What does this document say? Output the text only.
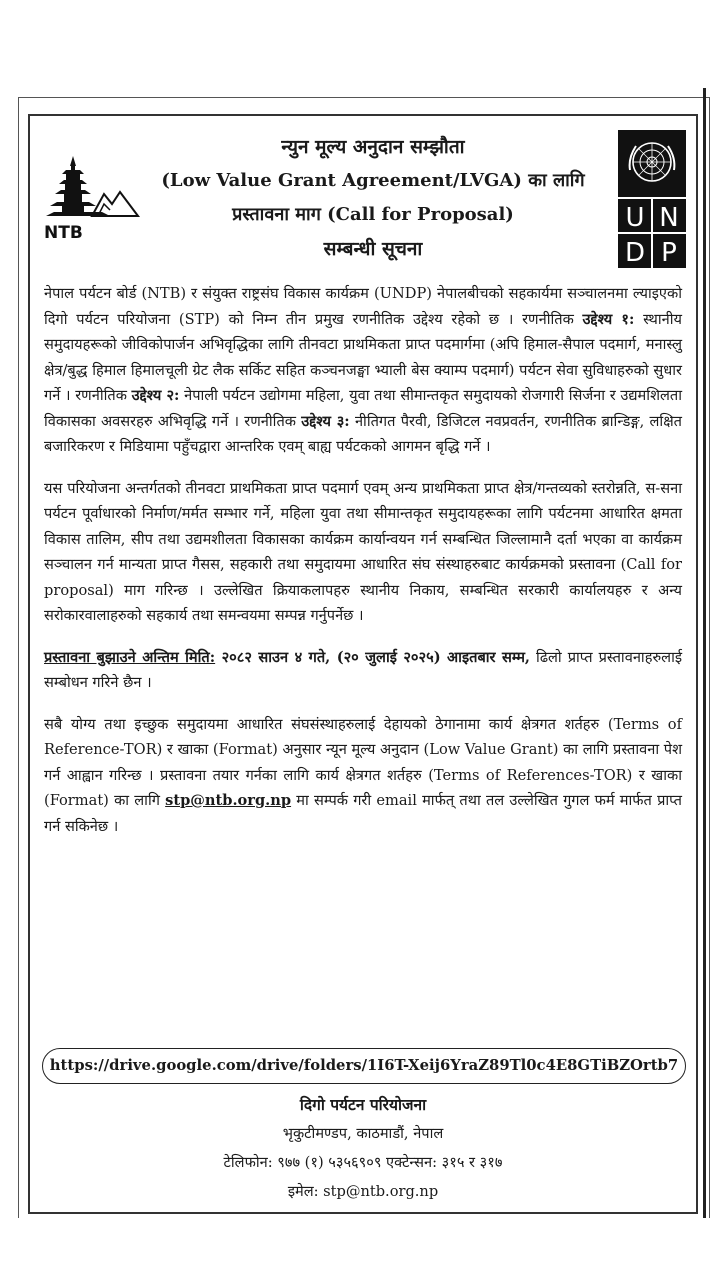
NTB
न्युन मूल्य अनुदान सम्झौता
(Low Value Grant Agreement/LVGA) का लागि
प्रस्तावना माग (Call for Proposal)
सम्बन्धी सूचना
U N
D P

नेपाल पर्यटन बोर्ड (NTB) र संयुक्त राष्ट्रसंघ विकास कार्यक्रम (UNDP) नेपालबीचको सहकार्यमा सञ्चालनमा ल्याइएको दिगो पर्यटन परियोजना (STP) को निम्न तीन प्रमुख रणनीतिक उद्देश्य रहेको छ । रणनीतिक उद्देश्य १: स्थानीय समुदायहरूको जीविकोपार्जन अभिवृद्धिका लागि तीनवटा प्राथमिकता प्राप्त पदमार्गमा (अपि हिमाल-सैपाल पदमार्ग, मनास्लु क्षेत्र/बुद्ध हिमाल हिमालचूली ग्रेट लैक सर्किट सहित कञ्चनजङ्घा भ्याली बेस क्याम्प पदमार्ग) पर्यटन सेवा सुविधाहरुको सुधार गर्ने । रणनीतिक उद्देश्य २: नेपाली पर्यटन उद्योगमा महिला, युवा तथा सीमान्तकृत समुदायको रोजगारी सिर्जना र उद्यमशिलता विकासका अवसरहरु अभिवृद्धि गर्ने । रणनीतिक उद्देश्य ३: नीतिगत पैरवी, डिजिटल नवप्रवर्तन, रणनीतिक ब्रान्डिङ्ग, लक्षित बजारिकरण र मिडियामा पहुँचद्वारा आन्तरिक एवम् बाह्य पर्यटकको आगमन बृद्धि गर्ने ।

यस परियोजना अन्तर्गतको तीनवटा प्राथमिकता प्राप्त पदमार्ग एवम् अन्य प्राथमिकता प्राप्त क्षेत्र/गन्तव्यको स्तरोन्नति, स-सना पर्यटन पूर्वाधारको निर्माण/मर्मत सम्भार गर्ने, महिला युवा तथा सीमान्तकृत समुदायहरूका लागि पर्यटनमा आधारित क्षमता विकास तालिम, सीप तथा उद्यमशीलता विकासका कार्यक्रम कार्यान्वयन गर्न सम्बन्धित जिल्लामानै दर्ता भएका वा कार्यक्रम सञ्चालन गर्न मान्यता प्राप्त गैसस, सहकारी तथा समुदायमा आधारित संघ संस्थाहरुबाट कार्यक्रमको प्रस्तावना (Call for proposal) माग गरिन्छ । उल्लेखित क्रियाकलापहरु स्थानीय निकाय, सम्बन्धित सरकारी कार्यालयहरु र अन्य सरोकारवालाहरुको सहकार्य तथा समन्वयमा सम्पन्न गर्नुपर्नेछ ।

प्रस्तावना बुझाउने अन्तिम मिति: २०८२ साउन ४ गते, (२० जुलाई २०२५) आइतबार सम्म, ढिलो प्राप्त प्रस्तावनाहरुलाई सम्बोधन गरिने छैन ।

सबै योग्य तथा इच्छुक समुदायमा आधारित संघसंस्थाहरुलाई देहायको ठेगानामा कार्य क्षेत्रगत शर्तहरु (Terms of Reference-TOR) र खाका (Format) अनुसार न्यून मूल्य अनुदान (Low Value Grant) का लागि प्रस्तावना पेश गर्न आह्वान गरिन्छ । प्रस्तावना तयार गर्नका लागि कार्य क्षेत्रगत शर्तहरु (Terms of References-TOR) र खाका (Format) का लागि stp@ntb.org.np मा सम्पर्क गरी email मार्फत् तथा तल उल्लेखित गुगल फर्म मार्फत प्राप्त गर्न सकिनेछ ।

https://drive.google.com/drive/folders/1I6T-Xeij6YraZ89Tl0c4E8GTiBZOrtb7
दिगो पर्यटन परियोजना
भृकुटीमण्डप, काठमाडौं, नेपाल
टेलिफोन: ९७७ (१) ५३५६९०९ एक्टेन्सन: ३१५ र ३१७
इमेल: stp@ntb.org.np
